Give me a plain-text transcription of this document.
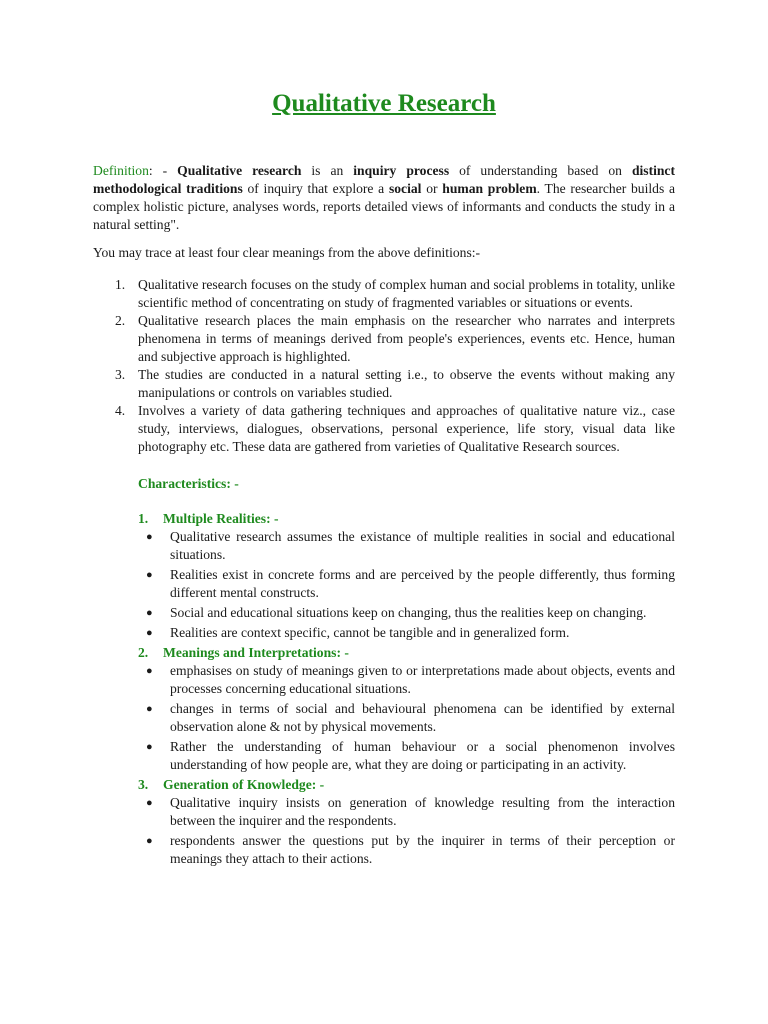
Qualitative Research

Definition: - Qualitative research is an inquiry process of understanding based on distinct methodological traditions of inquiry that explore a social or human problem. The researcher builds a complex holistic picture, analyses words, reports detailed views of informants and conducts the study in a natural setting".

You may trace at least four clear meanings from the above definitions:-

1. Qualitative research focuses on the study of complex human and social problems in totality, unlike scientific method of concentrating on study of fragmented variables or situations or events.
2. Qualitative research places the main emphasis on the researcher who narrates and interprets phenomena in terms of meanings derived from people's experiences, events etc. Hence, human and subjective approach is highlighted.
3. The studies are conducted in a natural setting i.e., to observe the events without making any manipulations or controls on variables studied.
4. Involves a variety of data gathering techniques and approaches of qualitative nature viz., case study, interviews, dialogues, observations, personal experience, life story, visual data like photography etc. These data are gathered from varieties of Qualitative Research sources.
Characteristics: -
1. Multiple Realities: -
● Qualitative research assumes the existance of multiple realities in social and educational situations.
● Realities exist in concrete forms and are perceived by the people differently, thus forming different mental constructs.
● Social and educational situations keep on changing, thus the realities keep on changing.
● Realities are context specific, cannot be tangible and in generalized form.
2. Meanings and Interpretations: -
● emphasises on study of meanings given to or interpretations made about objects, events and processes concerning educational situations.
● changes in terms of social and behavioural phenomena can be identified by external observation alone & not by physical movements.
● Rather the understanding of human behaviour or a social phenomenon involves understanding of how people are, what they are doing or participating in an activity.
3. Generation of Knowledge: -
● Qualitative inquiry insists on generation of knowledge resulting from the interaction between the inquirer and the respondents.
● respondents answer the questions put by the inquirer in terms of their perception or meanings they attach to their actions.
